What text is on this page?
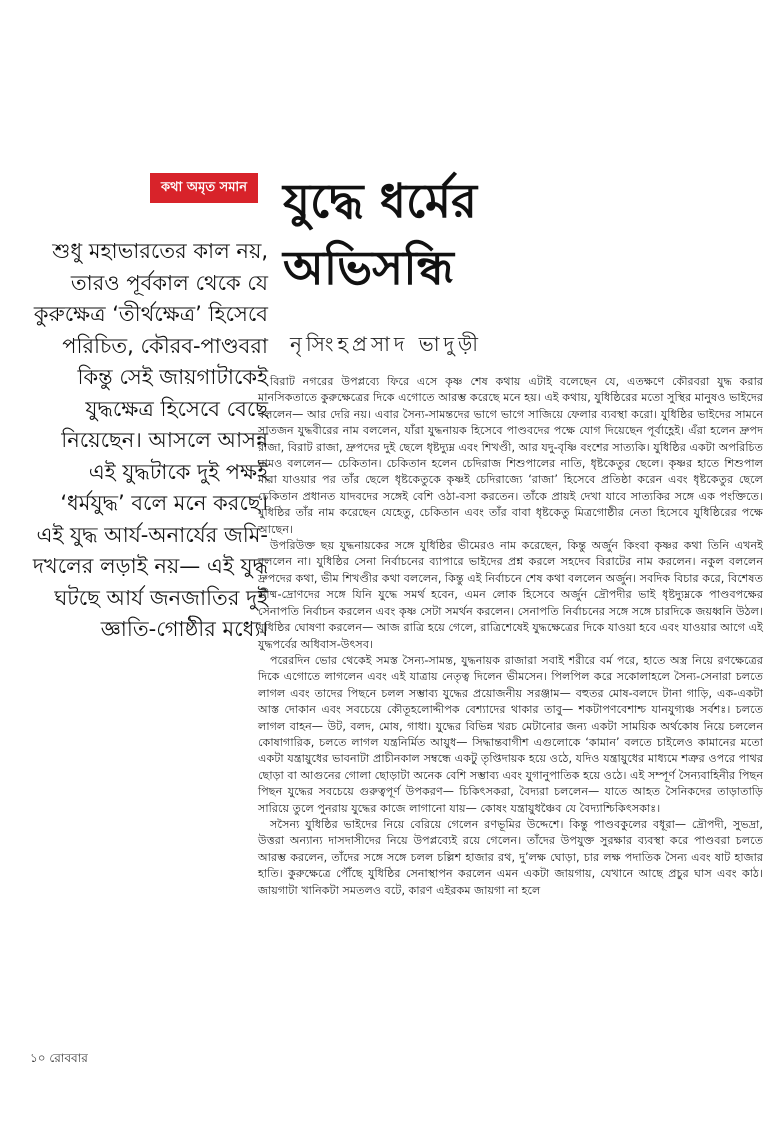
কথা অমৃত সমান যুদ্ধে ধর্মের
অভিসন্ধি
নৃসিংহপ্রসাদ ভাদুড়ী
শুধু মহাভারতের কাল নয়, তারও পূর্বকাল থেকে যে কুরুক্ষেত্র ‘তীর্থক্ষেত্র’ হিসেবে পরিচিত, কৌরব-পাণ্ডবরা কিন্তু সেই জায়গাটাকেই যুদ্ধক্ষেত্র হিসেবে বেছে নিয়েছেন। আসলে আসন্ন এই যুদ্ধটাকে দুই পক্ষই ‘ধর্মযুদ্ধ’ বলে মনে করছে। এই যুদ্ধ আর্য-অনার্যের জমি-দখলের লড়াই নয়— এই যুদ্ধ ঘটছে আর্য জনজাতির দুই জ্ঞাতি-গোষ্ঠীর মধ্যে।

বিরাট নগরের উপপ্লব্যে ফিরে এসে কৃষ্ণ শেষ কথায় এটাই বলেছেন যে, এতক্ষণে কৌরবরা যুদ্ধ করার মানসিকতাতে কুরুক্ষেত্রের দিকে এগোতে আরম্ভ করেছে মনে হয়। এই কথায়, যুধিষ্ঠিরের মতো সুস্থির মানুষও ভাইদের বললেন— আর দেরি নয়। এবার সৈন্য-সামন্তদের ভাগে ভাগে সাজিয়ে ফেলার ব্যবস্থা করো। যুধিষ্ঠির ভাইদের সামনে সাতজন যুদ্ধবীরের নাম বললেন, যাঁরা যুদ্ধনায়ক হিসেবে পাণ্ডবদের পক্ষে যোগ দিয়েছেন পূর্বাহ্ণেই। এঁরা হলেন দ্রুপদ রাজা, বিরাট রাজা, দ্রুপদের দুই ছেলে ধৃষ্টদ্যুম্ন এবং শিখণ্ডী, আর যদু-বৃষ্ণি বংশের সাত্যকি। যুধিষ্ঠির একটা অপরিচিত নামও বললেন— চেকিতান। চেকিতান হলেন চেদিরাজ শিশুপালের নাতি, ধৃষ্টকেতুর ছেলে। কৃষ্ণর হাতে শিশুপাল মারা যাওয়ার পর তাঁর ছেলে ধৃষ্টকেতুকে কৃষ্ণই চেদিরাজ্যে ‘রাজা’ হিসেবে প্রতিষ্ঠা করেন এবং ধৃষ্টকেতুর ছেলে চেকিতান প্রধানত যাদবদের সঙ্গেই বেশি ওঠা-বসা করতেন। তাঁকে প্রায়ই দেখা যাবে সাত্যকির সঙ্গে এক পংক্তিতে। যুধিষ্ঠির তাঁর নাম করেছেন যেহেতু, চেকিতান এবং তাঁর বাবা ধৃষ্টকেতু মিত্রগোষ্ঠীর নেতা হিসেবে যুধিষ্ঠিরের পক্ষে আছেন।

উপরিউক্ত ছয় যুদ্ধনায়কের সঙ্গে যুধিষ্ঠির ভীমেরও নাম করেছেন, কিন্তু অর্জুন কিংবা কৃষ্ণর কথা তিনি এখনই বললেন না। যুধিষ্ঠির সেনা নির্বাচনের ব্যাপারে ভাইদের প্রশ্ন করলে সহদেব বিরাটের নাম করলেন। নকুল বললেন দ্রুপদের কথা, ভীম শিখণ্ডীর কথা বললেন, কিন্তু এই নির্বাচনে শেষ কথা বললেন অর্জুন। সবদিক বিচার করে, বিশেষত ভীষ্ম-দ্রোণদের সঙ্গে যিনি যুদ্ধে সমর্থ হবেন, এমন লোক হিসেবে অর্জুন দ্রৌপদীর ভাই ধৃষ্টদ্যুম্নকে পাণ্ডবপক্ষের সেনাপতি নির্বাচন করলেন এবং কৃষ্ণ সেটা সমর্থন করলেন। সেনাপতি নির্বাচনের সঙ্গে সঙ্গে চারদিকে জয়ধ্বনি উঠল। যুধিষ্ঠির ঘোষণা করলেন— আজ রাত্রি হয়ে গেলে, রাত্রিশেষেই যুদ্ধক্ষেত্রের দিকে যাওয়া হবে এবং যাওয়ার আগে এই যুদ্ধপর্বের অধিবাস-উৎসব।

পরেরদিন ভোর থেকেই সমস্ত সৈন্য-সামন্ত, যুদ্ধনায়ক রাজারা সবাই শরীরে বর্ম পরে, হাতে অস্ত্র নিয়ে রণক্ষেত্রের দিকে এগোতে লাগলেন এবং এই যাত্রায় নেতৃত্ব দিলেন ভীমসেন। পিলপিল করে সকোলাহলে সৈন্য-সেনারা চলতে লাগল এবং তাদের পিছনে চলল সম্ভাব্য যুদ্ধের প্রয়োজনীয় সরঞ্জাম— বহুতর মোষ-বলদে টানা গাড়ি, এক-একটা আস্ত দোকান এবং সবচেয়ে কৌতূহলোদ্দীপক বেশ্যাদের থাকার তাবু— শকটাপণবেশাশ্চ যানযুগ্যঞ্চ সর্বশঃ। চলতে লাগল বাহন— উট, বলদ, মোষ, গাধা। যুদ্ধের বিভিন্ন খরচ মেটানোর জন্য একটা সাময়িক অর্থকোষ নিয়ে চললেন কোষাগারিক, চলতে লাগল যন্ত্রনির্মিত আয়ুধ— সিদ্ধান্তবাগীশ এগুলোকে ‘কামান’ বলতে চাইলেও কামানের মতো একটা যন্ত্রায়ুধের ভাবনাটা প্রাচীনকাল সম্বন্ধে একটু তৃপ্তিদায়ক হয়ে ওঠে, যদিও যন্ত্রায়ুধের মাধ্যমে শত্রুর ওপরে পাথর ছোড়া বা আগুনের গোলা ছোড়াটা অনেক বেশি সম্ভাব্য এবং যুগানুপাতিক হয়ে ওঠে। এই সম্পূর্ণ সৈন্যবাহিনীর পিছন পিছন যুদ্ধের সবচেয়ে গুরুত্বপূর্ণ উপকরণ— চিকিৎসকরা, বৈদ্যরা চললেন— যাতে আহত সৈনিকদের তাড়াতাড়ি সারিয়ে তুলে পুনরায় যুদ্ধের কাজে লাগানো যায়— কোষং যন্ত্রায়ুধঞ্চৈব যে বৈদ্যাশ্চিকিৎসকাঃ।

সসৈন্য যুধিষ্ঠির ভাইদের নিয়ে বেরিয়ে গেলেন রণভূমির উদ্দেশে। কিন্তু পাণ্ডবকুলের বধূরা— দ্রৌপদী, সুভদ্রা, উত্তরা অন্যান্য দাসদাসীদের নিয়ে উপপ্লব্যেই রয়ে গেলেন। তাঁদের উপযুক্ত সুরক্ষার ব্যবস্থা করে পাণ্ডবরা চলতে আরম্ভ করলেন, তাঁদের সঙ্গে সঙ্গে চলল চল্লিশ হাজার রথ, দু’লক্ষ ঘোড়া, চার লক্ষ পদাতিক সৈন্য এবং ষাট হাজার হাতি। কুরুক্ষেত্রে পৌঁছে যুধিষ্ঠির সেনাস্থাপন করলেন এমন একটা জায়গায়, যেখানে আছে প্রচুর ঘাস এবং কাঠ। জায়গাটা খানিকটা সমতলও বটে, কারণ এইরকম জায়গা না হলে

১০ রোববার
